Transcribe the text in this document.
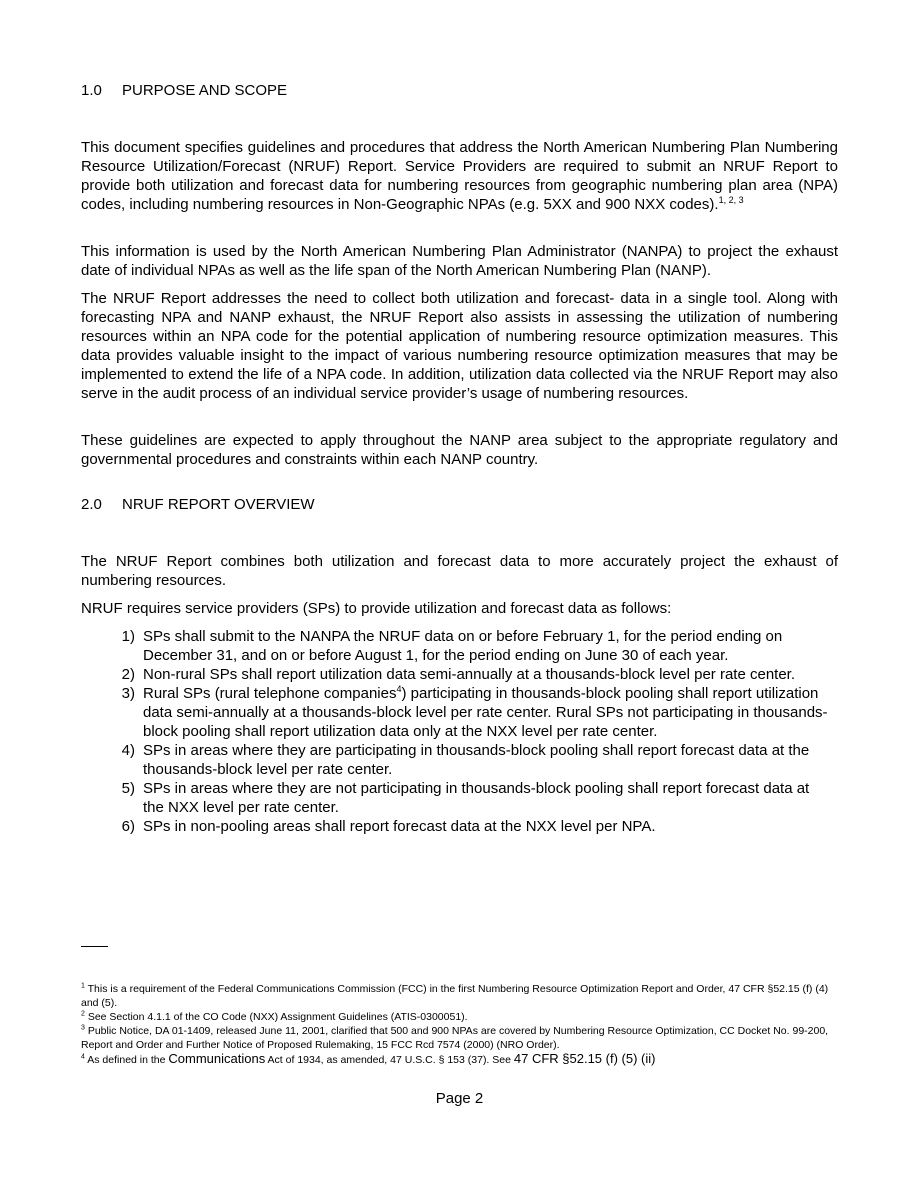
1.0 PURPOSE AND SCOPE

This document specifies guidelines and procedures that address the North American Numbering Plan Numbering Resource Utilization/Forecast (NRUF) Report. Service Providers are required to submit an NRUF Report to provide both utilization and forecast data for numbering resources from geographic numbering plan area (NPA) codes, including numbering resources in Non-Geographic NPAs (e.g. 5XX and 900 NXX codes).$^{1, 2, 3}$

This information is used by the North American Numbering Plan Administrator (NANPA) to project the exhaust date of individual NPAs as well as the life span of the North American Numbering Plan (NANP).

The NRUF Report addresses the need to collect both utilization and forecast- data in a single tool. Along with forecasting NPA and NANP exhaust, the NRUF Report also assists in assessing the utilization of numbering resources within an NPA code for the potential application of numbering resource optimization measures. This data provides valuable insight to the impact of various numbering resource optimization measures that may be implemented to extend the life of a NPA code. In addition, utilization data collected via the NRUF Report may also serve in the audit process of an individual service provider’s usage of numbering resources.

These guidelines are expected to apply throughout the NANP area subject to the appropriate regulatory and governmental procedures and constraints within each NANP country.

2.0 NRUF REPORT OVERVIEW

The NRUF Report combines both utilization and forecast data to more accurately project the exhaust of numbering resources.

NRUF requires service providers (SPs) to provide utilization and forecast data as follows:

1) SPs shall submit to the NANPA the NRUF data on or before February 1, for the period ending on December 31, and on or before August 1, for the period ending on June 30 of each year.
2) Non-rural SPs shall report utilization data semi-annually at a thousands-block level per rate center.
3) Rural SPs (rural telephone companies$^4$) participating in thousands-block pooling shall report utilization data semi-annually at a thousands-block level per rate center. Rural SPs not participating in thousands-block pooling shall report utilization data only at the NXX level per rate center.
4) SPs in areas where they are participating in thousands-block pooling shall report forecast data at the thousands-block level per rate center.
5) SPs in areas where they are not participating in thousands-block pooling shall report forecast data at the NXX level per rate center.
6) SPs in non-pooling areas shall report forecast data at the NXX level per NPA.

$^1$ This is a requirement of the Federal Communications Commission (FCC) in the first Numbering Resource Optimization Report and Order, 47 CFR §52.15 (f) (4) and (5).

$^2$ See Section 4.1.1 of the CO Code (NXX) Assignment Guidelines (ATIS-0300051).

$^3$ Public Notice, DA 01-1409, released June 11, 2001, clarified that 500 and 900 NPAs are covered by Numbering Resource Optimization, CC Docket No. 99-200, Report and Order and Further Notice of Proposed Rulemaking, 15 FCC Rcd 7574 (2000) (NRO Order).

$^4$ As defined in the Communications Act of 1934, as amended, 47 U.S.C. § 153 (37). See 47 CFR §52.15 (f) (5) (ii)

Page 2
